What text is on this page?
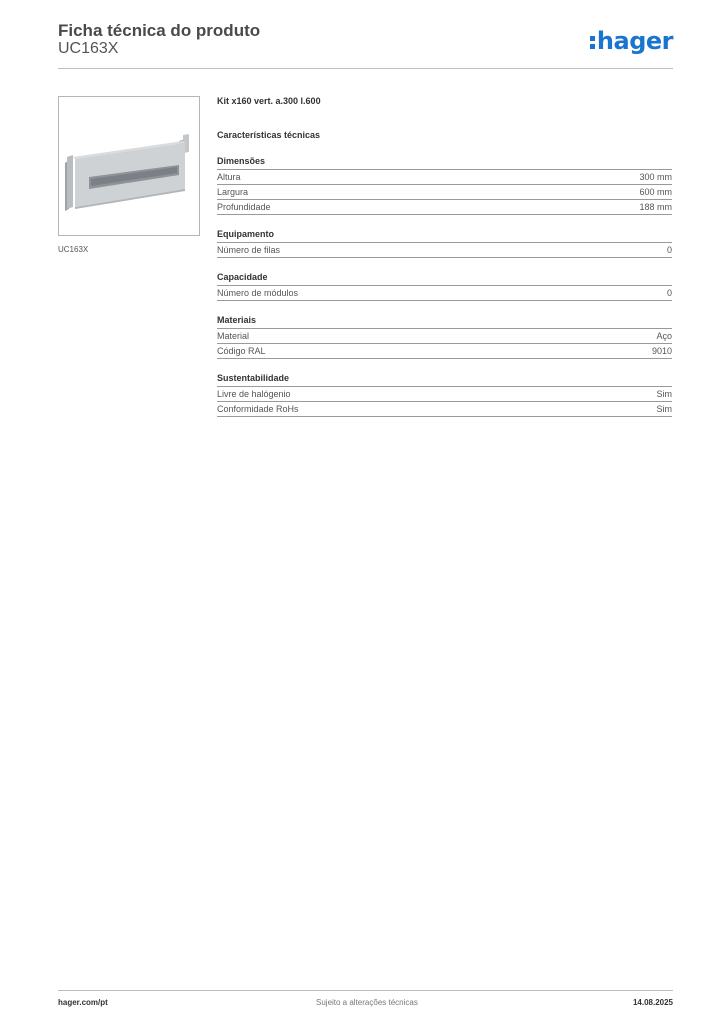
Ficha técnica do produto
UC163X	hager
UC163X
Kit x160 vert. a.300 l.600
Características técnicas
Dimensões
Altura	300 mm
Largura	600 mm
Profundidade	188 mm
Equipamento
Número de filas	0
Capacidade
Número de módulos	0
Materiais
Material	Aço
Código RAL	9010
Sustentabilidade
Livre de halógenio	Sim
Conformidade RoHs	Sim
hager.com/pt	Sujeito a alterações técnicas	14.08.2025
